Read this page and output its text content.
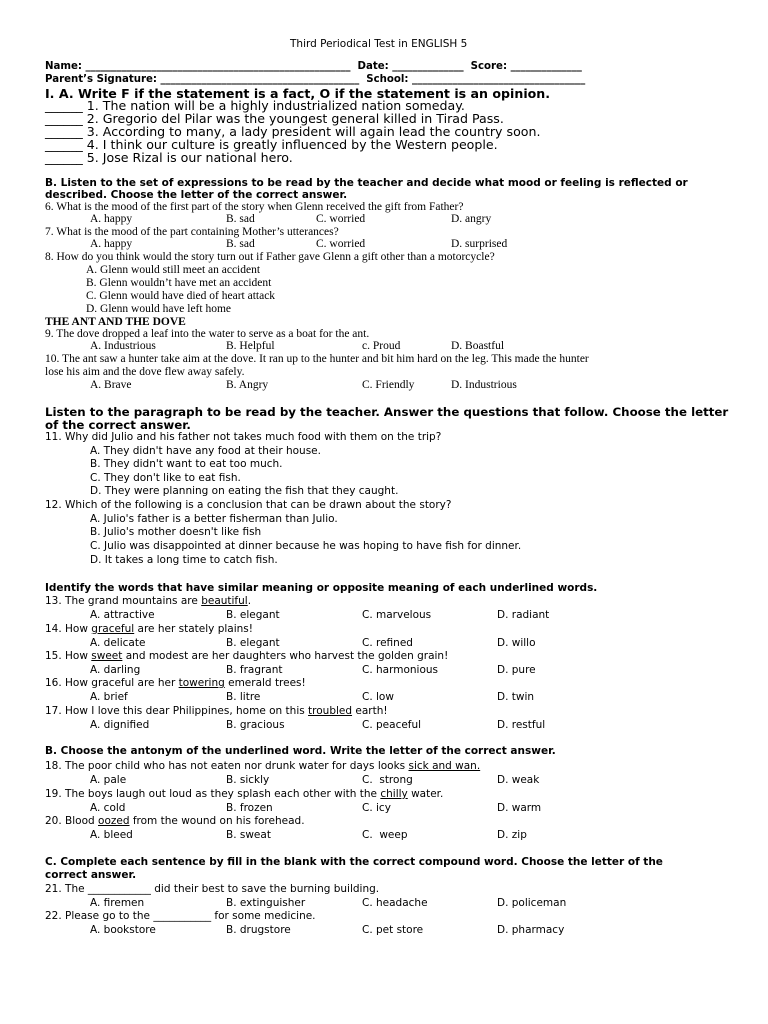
Third Periodical Test in ENGLISH 5
Name: ____________________________________________________  Date: ______________  Score: ______________
Parent’s Signature: _______________________________________  School: __________________________________
I. A. Write F if the statement is a fact, O if the statement is an opinion.
______ 1. The nation will be a highly industrialized nation someday.
______ 2. Gregorio del Pilar was the youngest general killed in Tirad Pass.
______ 3. According to many, a lady president will again lead the country soon.
______ 4. I think our culture is greatly influenced by the Western people.
______ 5. Jose Rizal is our national hero.
B. Listen to the set of expressions to be read by the teacher and decide what mood or feeling is reflected or
described. Choose the letter of the correct answer.
6. What is the mood of the first part of the story when Glenn received the gift from Father?
A. happy	B. sad	C. worried	D. angry
7. What is the mood of the part containing Mother’s utterances?
A. happy	B. sad	C. worried	D. surprised
8. How do you think would the story turn out if Father gave Glenn a gift other than a motorcycle?
A. Glenn would still meet an accident
B. Glenn wouldn’t have met an accident
C. Glenn would have died of heart attack
D. Glenn would have left home
THE ANT AND THE DOVE
9. The dove dropped a leaf into the water to serve as a boat for the ant.
A. Industrious	B. Helpful	c. Proud	D. Boastful
10. The ant saw a hunter take aim at the dove. It ran up to the hunter and bit him hard on the leg. This made the hunter
lose his aim and the dove flew away safely.
A. Brave	B. Angry	C. Friendly	D. Industrious
Listen to the paragraph to be read by the teacher. Answer the questions that follow. Choose the letter
of the correct answer.
11. Why did Julio and his father not takes much food with them on the trip?
A. They didn't have any food at their house.
B. They didn't want to eat too much.
C. They don't like to eat fish.
D. They were planning on eating the fish that they caught.
12. Which of the following is a conclusion that can be drawn about the story?
A. Julio's father is a better fisherman than Julio.
B. Julio's mother doesn't like fish
C. Julio was disappointed at dinner because he was hoping to have fish for dinner.
D. It takes a long time to catch fish.
Identify the words that have similar meaning or opposite meaning of each underlined words.
13. The grand mountains are beautiful.
A. attractive	B. elegant	C. marvelous	D. radiant
14. How graceful are her stately plains!
A. delicate	B. elegant	C. refined	D. willo
15. How sweet and modest are her daughters who harvest the golden grain!
A. darling	B. fragrant	C. harmonious	D. pure
16. How graceful are her towering emerald trees!
A. brief	B. litre	C. low	D. twin
17. How I love this dear Philippines, home on this troubled earth!
A. dignified	B. gracious	C. peaceful	D. restful
B. Choose the antonym of the underlined word. Write the letter of the correct answer.
18. The poor child who has not eaten nor drunk water for days looks sick and wan.
A. pale	B. sickly	C.  strong	D. weak
19. The boys laugh out loud as they splash each other with the chilly water.
A. cold	B. frozen	C. icy	D. warm
20. Blood oozed from the wound on his forehead.
A. bleed	B. sweat	C.  weep	D. zip
C. Complete each sentence by fill in the blank with the correct compound word. Choose the letter of the
correct answer.
21. The ____________ did their best to save the burning building.
A. firemen	B. extinguisher	C. headache	D. policeman
22. Please go to the ___________ for some medicine.
A. bookstore	B. drugstore	C. pet store	D. pharmacy
